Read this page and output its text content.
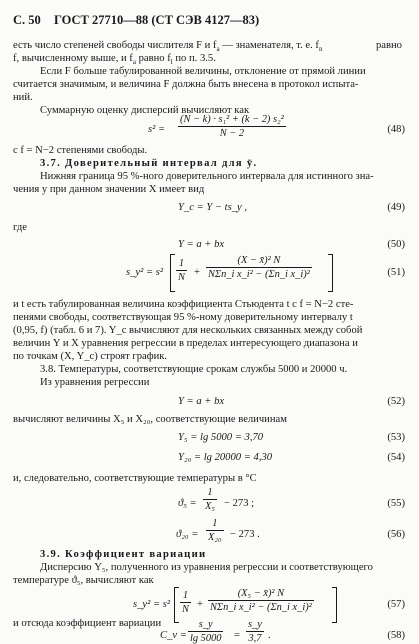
С. 50 ГОСТ 27710—88 (СТ СЭВ 4127—83)
есть число степеней свободы числителя F и $f_a$ — знаменателя, т. е. $f_n$	равно
f, вычисленному выше, и $f_a$ равно $f_l$ по п. 3.5.
Если F больше табулированной величины, отклонение от прямой линии
считается значимым, и величина F должна быть внесена в протокол испыта-
ний.
Суммарную оценку дисперсий вычисляют как
s² =
(N − k) · s₁² + (k − 2) s₂²
N − 2	(48)
с f = N−2 степенями свободы.
3.7. Доверительный интервал для ȳ.
Нижняя граница 95 %-ного доверительного интервала для истинного зна-
чения y при данном значении X имеет вид
Y_c = Y − ts_y ,	(49)
где
Y = a + bx	(50)
s_y² = s²
1
N +
(X − x̄)² N
NΣn_i x_i² − (Σn_i x_i)²	(51)
и t есть табулированная величина коэффициента Стьюдента t с f = N−2 сте-
пенями свободы, соответствующая 95 %-ному доверительному интервалу t
(0,95, f) (табл. 6 и 7). Y_c вычисляют для нескольких связанных между собой
величин Y и X уравнения регрессии в пределах интересующего диапазона и
по точкам (X, Y_c) строят график.
3.8. Температуры, соответствующие срокам службы 5000 и 20000 ч.
Из уравнения регрессии
Y = a + bx	(52)
вычисляют величины X₅ и X₂₀, соответствующие величинам
Y₅ = lg 5000 = 3,70	(53)
Y₂₀ = lg 20000 = 4,30	(54)
и, следовательно, соответствующие температуры в °C
ϑ₅ =
1
X₅ − 273 ;	(55)
ϑ₂₀ =
1
X₂₀ − 273 .	(56)
3.9. Коэффициент вариации
Дисперсию Y₅, полученного из уравнения регрессии и соответствующего
температуре ϑ₅, вычисляют как
s_y² = s²
1
N +
(X₅ − x̄)² N
NΣn_i x_i² − (Σn_i x_i)²	(57)
и отсюда коэффициент вариации
C_v =
s_y
lg 5000 =
s_y
3,7 .	(58)
